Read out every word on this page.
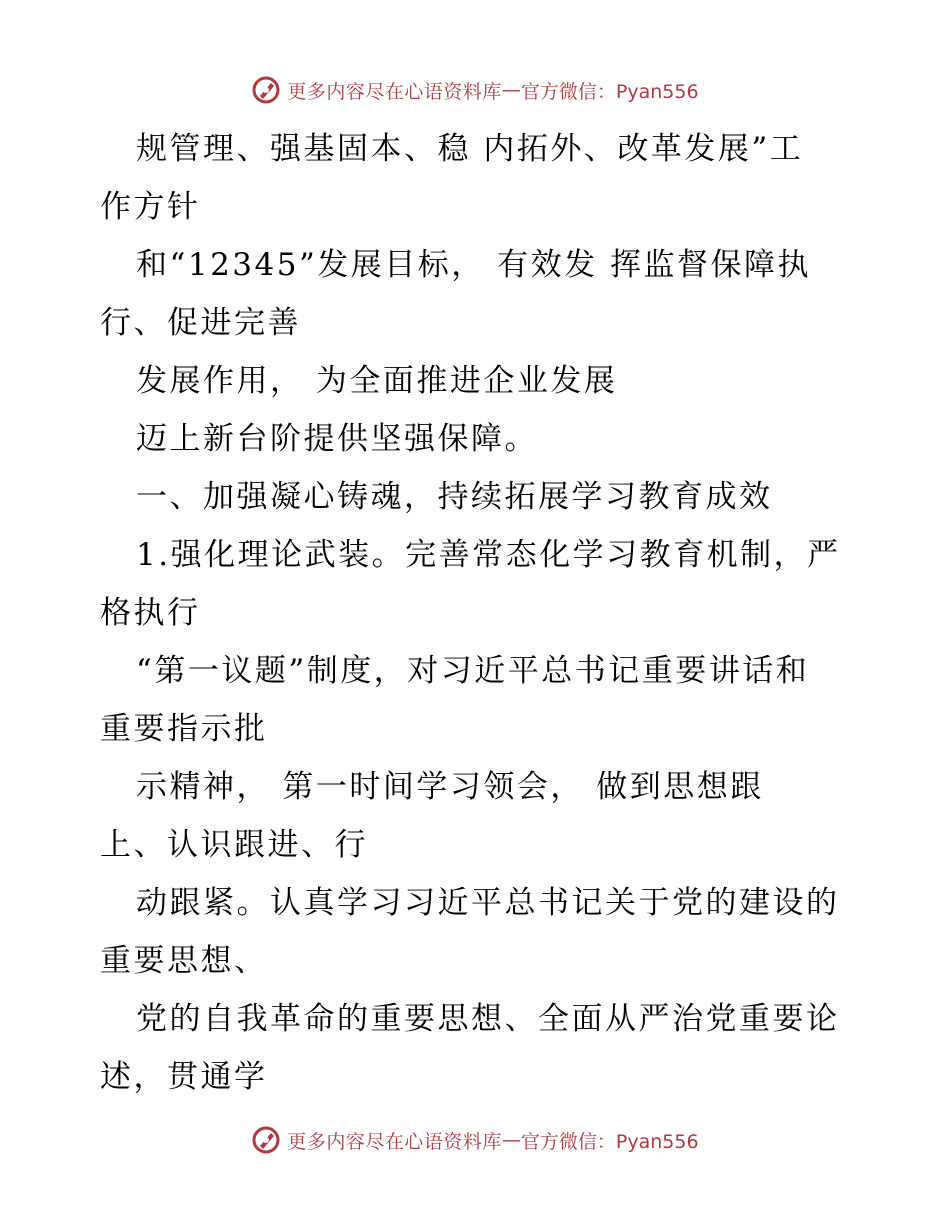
更多内容尽在心语资料库 — 官方微信：Pyan556
规管理、强基固本、稳 内拓外、改革发展”工
作方针
和“12345”发展目标， 有效发 挥监督保障执
行、促进完善
发展作用， 为全面推进企业发展
迈上新台阶提供坚强保障。
一、加强凝心铸魂，持续拓展学习教育成效
1.强化理论武装。完善常态化学习教育机制，严
格执行
“第一议题”制度，对习近平总书记重要讲话和
重要指示批
示精神， 第一时间学习领会， 做到思想跟
上、认识跟进、行
动跟紧。认真学习习近平总书记关于党的建设的
重要思想、
党的自我革命的重要思想、全面从严治党重要论
述，贯通学
更多内容尽在心语资料库 — 官方微信：Pyan556
